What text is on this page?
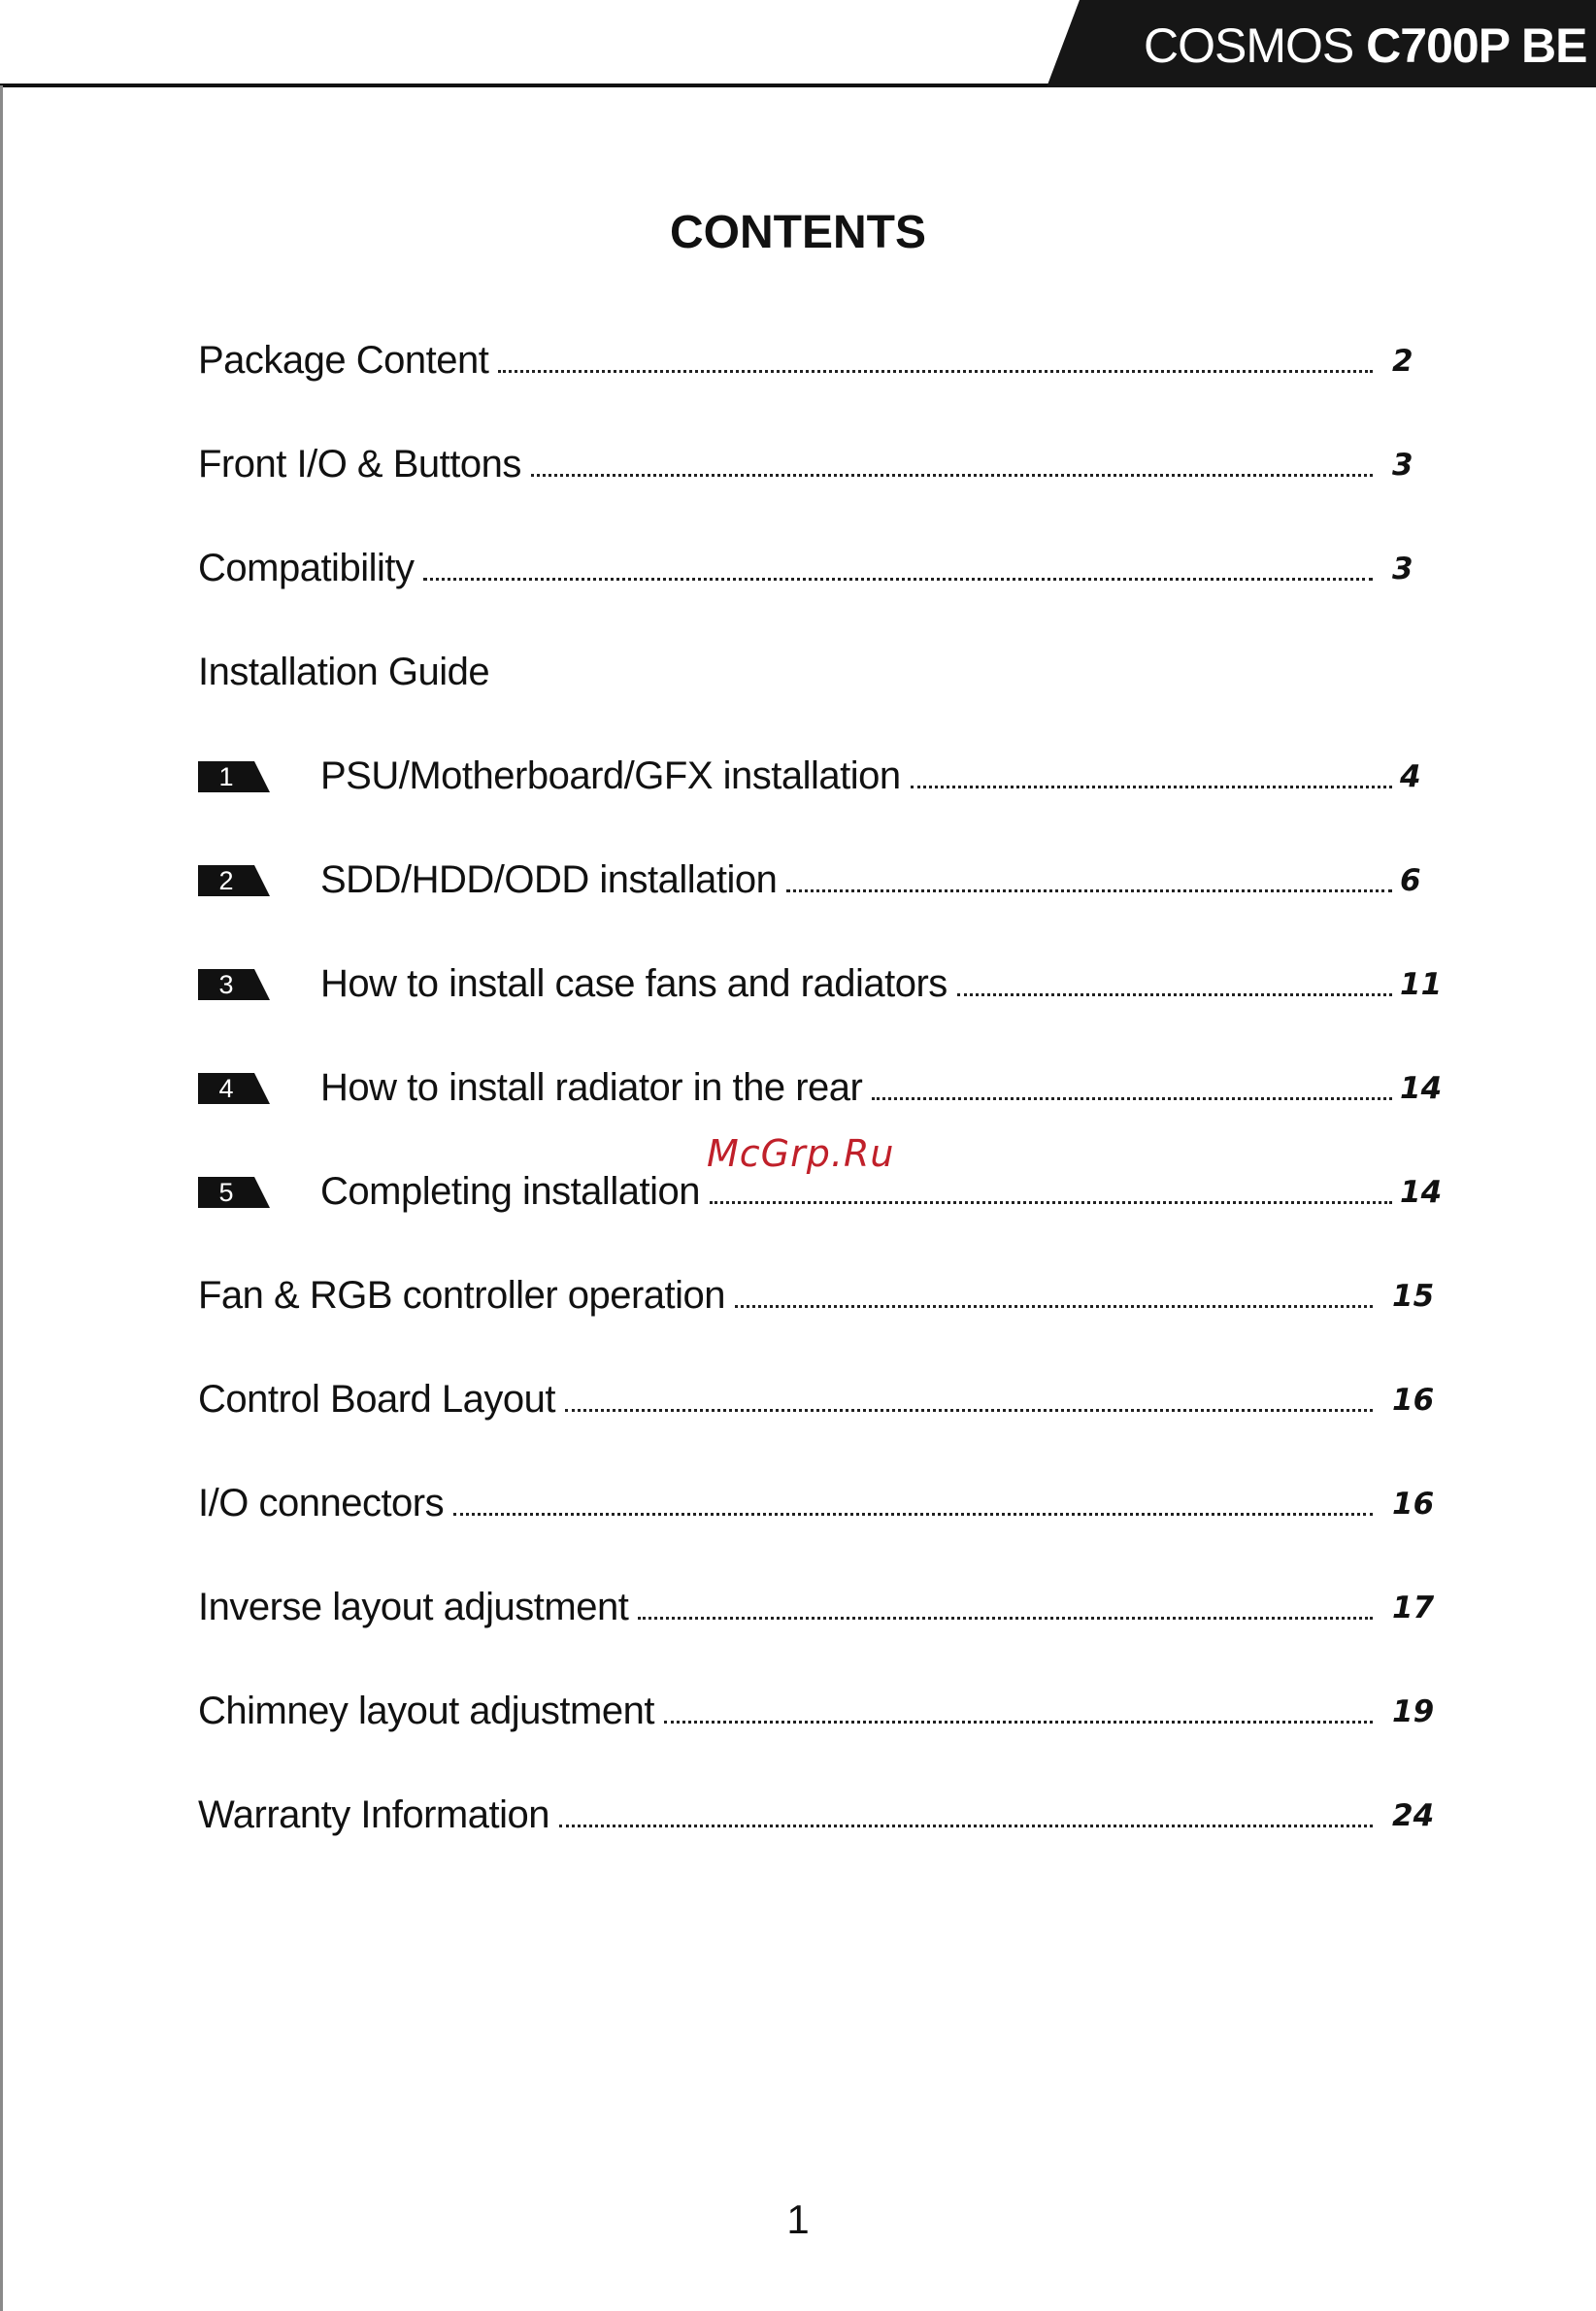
COSMOS C700P BE
CONTENTS
Package Content	2
Front I/O & Buttons	3
Compatibility	3
Installation Guide
1	PSU/Motherboard/GFX installation	4
2	SDD/HDD/ODD installation	6
3	How to install case fans and radiators	11
4	How to install radiator in the rear	14
5	Completing installation	14
Fan & RGB controller operation	15
Control Board Layout	16
I/O connectors	16
Inverse layout adjustment	17
Chimney layout adjustment	19
Warranty Information	24
McGrp.Ru
1
